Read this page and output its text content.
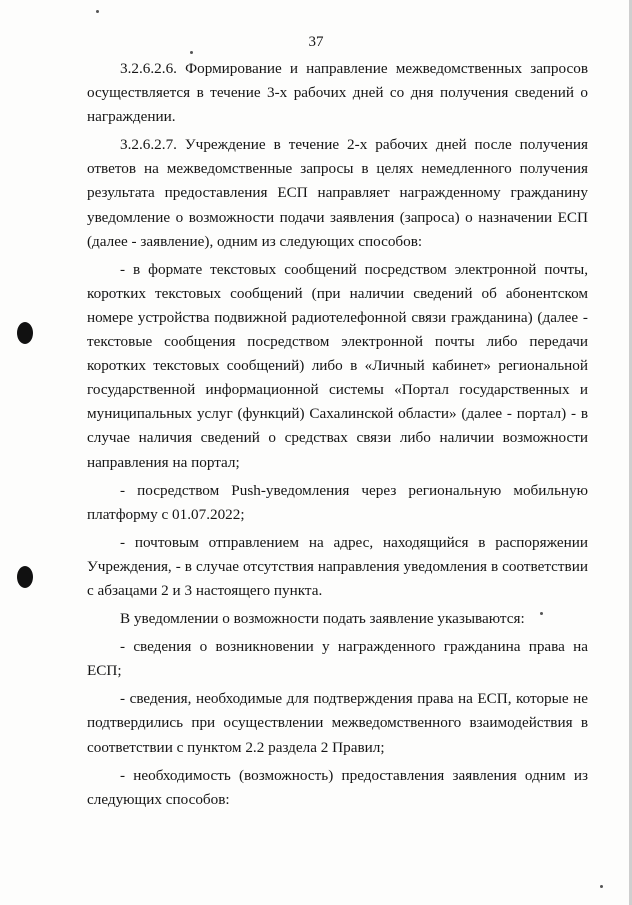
37

3.2.6.2.6. Формирование и направление межведомственных запросов осуществляется в течение 3-х рабочих дней со дня получения сведений о награждении.

3.2.6.2.7. Учреждение в течение 2-х рабочих дней после получения ответов на межведомственные запросы в целях немедленного получения результата предоставления ЕСП направляет награжденному гражданину уведомление о возможности подачи заявления (запроса) о назначении ЕСП (далее - заявление), одним из следующих способов:

- в формате текстовых сообщений посредством электронной почты, коротких текстовых сообщений (при наличии сведений об абонентском номере устройства подвижной радиотелефонной связи гражданина) (далее - текстовые сообщения посредством электронной почты либо передачи коротких текстовых сообщений) либо в «Личный кабинет» региональной государственной информационной системы «Портал государственных и муниципальных услуг (функций) Сахалинской области» (далее - портал) - в случае наличия сведений о средствах связи либо наличии возможности направления на портал;

- посредством Push-уведомления через региональную мобильную платформу с 01.07.2022;

- почтовым отправлением на адрес, находящийся в распоряжении Учреждения, - в случае отсутствия направления уведомления в соответствии с абзацами 2 и 3 настоящего пункта.

В уведомлении о возможности подать заявление указываются:

- сведения о возникновении у награжденного гражданина права на ЕСП;

- сведения, необходимые для подтверждения права на ЕСП, которые не подтвердились при осуществлении межведомственного взаимодействия в соответствии с пунктом 2.2 раздела 2 Правил;

- необходимость (возможность) предоставления заявления одним из следующих способов:
